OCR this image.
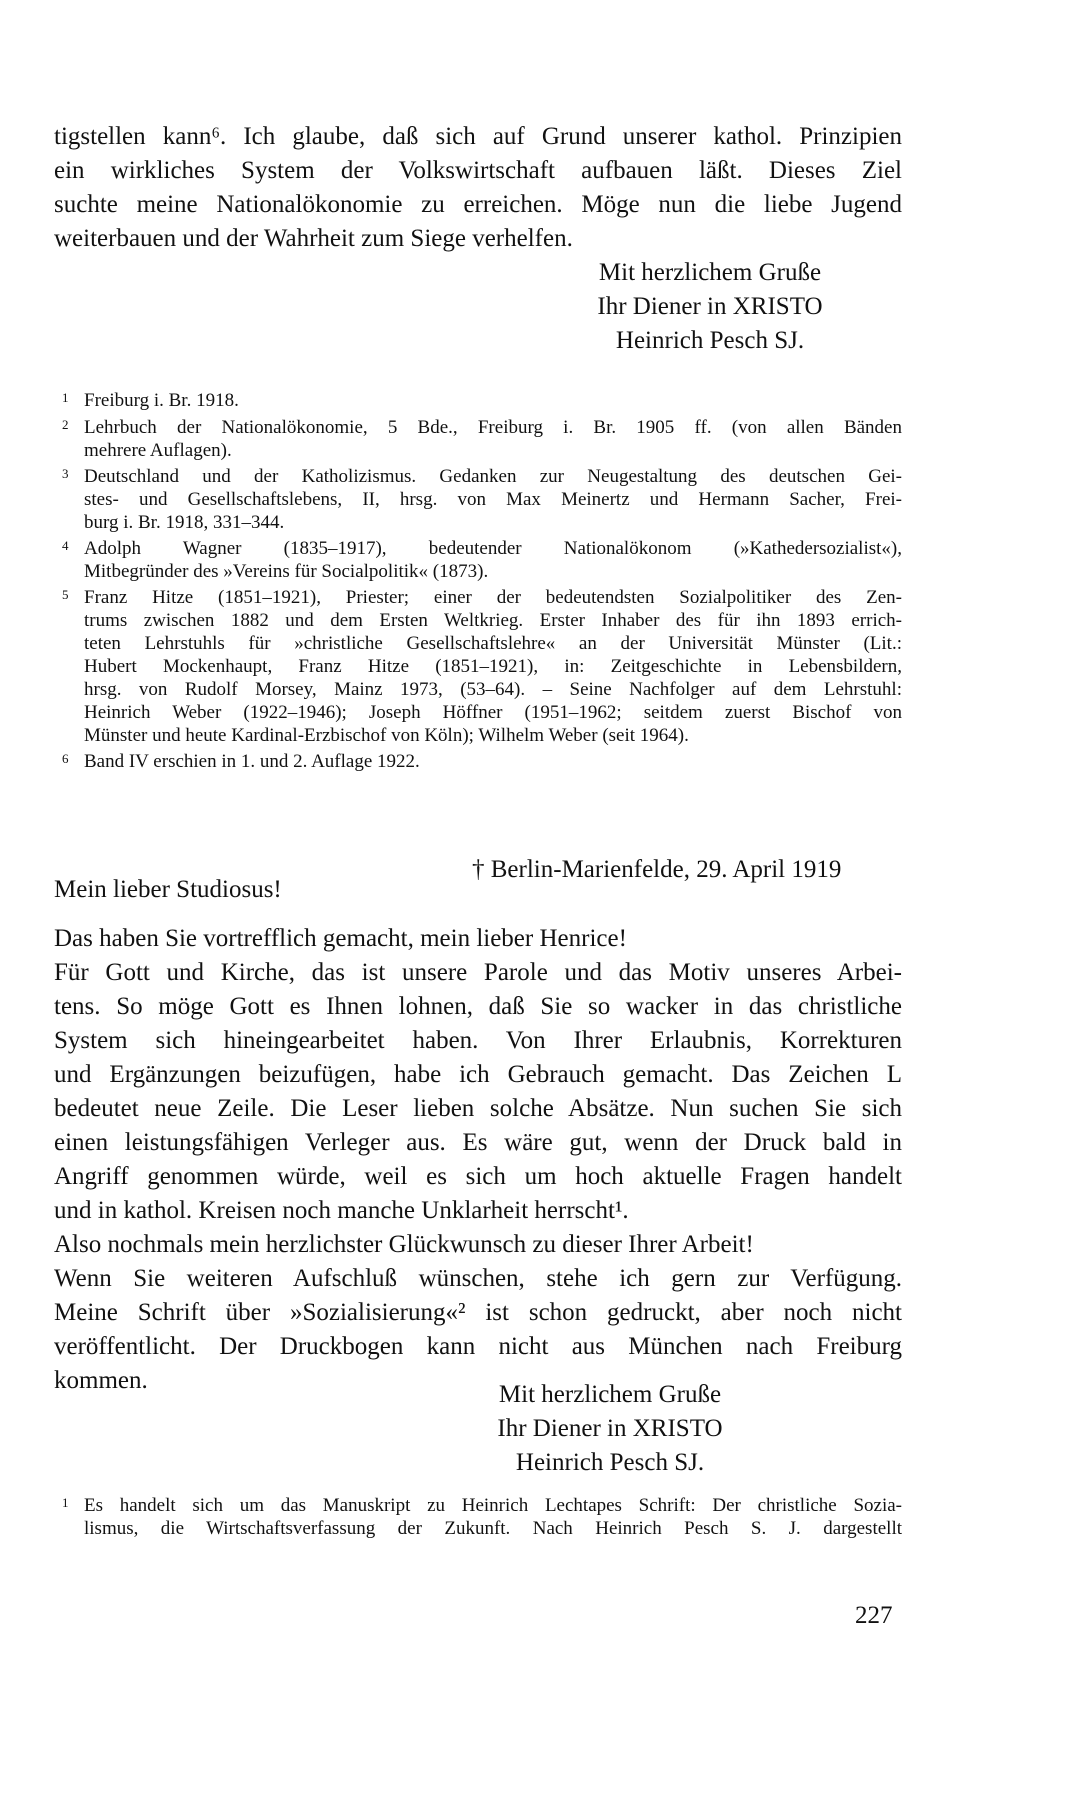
tigstellen kann⁶. Ich glaube, daß sich auf Grund unserer kathol. Prinzipien
ein wirkliches System der Volkswirtschaft aufbauen läßt. Dieses Ziel
suchte meine Nationalökonomie zu erreichen. Möge nun die liebe Jugend
weiterbauen und der Wahrheit zum Siege verhelfen.
Mit herzlichem Gruße
Ihr Diener in XRISTO
Heinrich Pesch SJ.
1 Freiburg i. Br. 1918.
2 Lehrbuch der Nationalökonomie, 5 Bde., Freiburg i. Br. 1905 ff. (von allen Bänden
mehrere Auflagen).
3 Deutschland und der Katholizismus. Gedanken zur Neugestaltung des deutschen Gei-
stes- und Gesellschaftslebens, II, hrsg. von Max Meinertz und Hermann Sacher, Frei-
burg i. Br. 1918, 331–344.
4 Adolph Wagner (1835–1917), bedeutender Nationalökonom (»Kathedersozialist«),
Mitbegründer des »Vereins für Socialpolitik« (1873).
5 Franz Hitze (1851–1921), Priester; einer der bedeutendsten Sozialpolitiker des Zen-
trums zwischen 1882 und dem Ersten Weltkrieg. Erster Inhaber des für ihn 1893 errich-
teten Lehrstuhls für »christliche Gesellschaftslehre« an der Universität Münster (Lit.:
Hubert Mockenhaupt, Franz Hitze (1851–1921), in: Zeitgeschichte in Lebensbildern,
hrsg. von Rudolf Morsey, Mainz 1973, (53–64). – Seine Nachfolger auf dem Lehrstuhl:
Heinrich Weber (1922–1946); Joseph Höffner (1951–1962; seitdem zuerst Bischof von
Münster und heute Kardinal-Erzbischof von Köln); Wilhelm Weber (seit 1964).
6 Band IV erschien in 1. und 2. Auflage 1922.
† Berlin-Marienfelde, 29. April 1919
Mein lieber Studiosus!
Das haben Sie vortrefflich gemacht, mein lieber Henrice!
Für Gott und Kirche, das ist unsere Parole und das Motiv unseres Arbei-
tens. So möge Gott es Ihnen lohnen, daß Sie so wacker in das christliche
System sich hineingearbeitet haben. Von Ihrer Erlaubnis, Korrekturen
und Ergänzungen beizufügen, habe ich Gebrauch gemacht. Das Zeichen L
bedeutet neue Zeile. Die Leser lieben solche Absätze. Nun suchen Sie sich
einen leistungsfähigen Verleger aus. Es wäre gut, wenn der Druck bald in
Angriff genommen würde, weil es sich um hoch aktuelle Fragen handelt
und in kathol. Kreisen noch manche Unklarheit herrscht¹.
Also nochmals mein herzlichster Glückwunsch zu dieser Ihrer Arbeit!
Wenn Sie weiteren Aufschluß wünschen, stehe ich gern zur Verfügung.
Meine Schrift über »Sozialisierung«² ist schon gedruckt, aber noch nicht
veröffentlicht. Der Druckbogen kann nicht aus München nach Freiburg
kommen.
Mit herzlichem Gruße
Ihr Diener in XRISTO
Heinrich Pesch SJ.
1 Es handelt sich um das Manuskript zu Heinrich Lechtapes Schrift: Der christliche Sozia-
lismus, die Wirtschaftsverfassung der Zukunft. Nach Heinrich Pesch S. J. dargestellt
227
